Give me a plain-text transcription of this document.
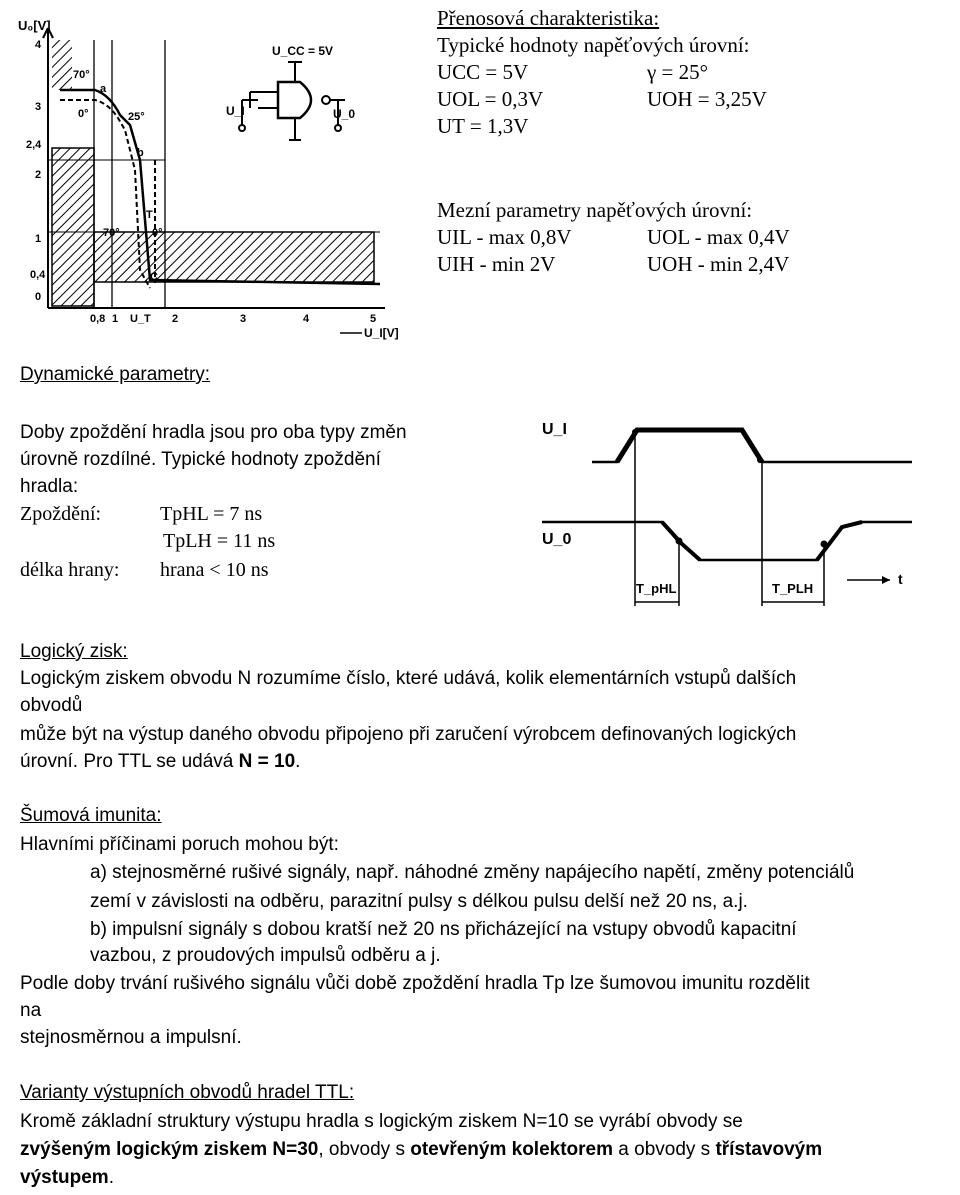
U₀[V]
4
3
2,4
2
1
0,4
0
0,8 1 U_T 2	3	4	5
U_I[V]
70°
a
0°	25°
b
70°	0°
T
C
U_CC = 5V
U_I	U_0
Přenosová charakteristika:
Typické hodnoty napěťových úrovní:
UCC = 5V	γ = 25°
UOL = 0,3V	UOH = 3,25V
UT = 1,3V
Mezní parametry napěťových úrovní:
UIL - max 0,8V	UOL - max 0,4V
UIH - min 2V	UOH - min 2,4V
Dynamické parametry:
Doby zpoždění hradla jsou pro oba typy změn
úrovně rozdílné. Typické hodnoty zpoždění
hradla:
Zpoždění:	TpHL = 7 ns
TpLH = 11 ns
délka hrany: hrana < 10 ns
U_I
U_0
T_pHL	T_PLH
t
Logický zisk:
Logickým ziskem obvodu N rozumíme číslo, které udává, kolik elementárních vstupů dalších
obvodů
může být na výstup daného obvodu připojeno při zaručení výrobcem definovaných logických
úrovní. Pro TTL se udává N = 10.
Šumová imunita:
Hlavními příčinami poruch mohou být:
a) stejnosměrné rušivé signály, např. náhodné změny napájecího napětí, změny potenciálů
zemí v závislosti na odběru, parazitní pulsy s délkou pulsu delší než 20 ns, a.j.
b) impulsní signály s dobou kratší než 20 ns přicházející na vstupy obvodů kapacitní
vazbou, z proudových impulsů odběru a j.
Podle doby trvání rušivého signálu vůči době zpoždění hradla Tp lze šumovou imunitu rozdělit
na
stejnosměrnou a impulsní.
Varianty výstupních obvodů hradel TTL:
Kromě základní struktury výstupu hradla s logickým ziskem N=10 se vyrábí obvody se
zvýšeným logickým ziskem N=30, obvody s otevřeným kolektorem a obvody s třístavovým
výstupem.
